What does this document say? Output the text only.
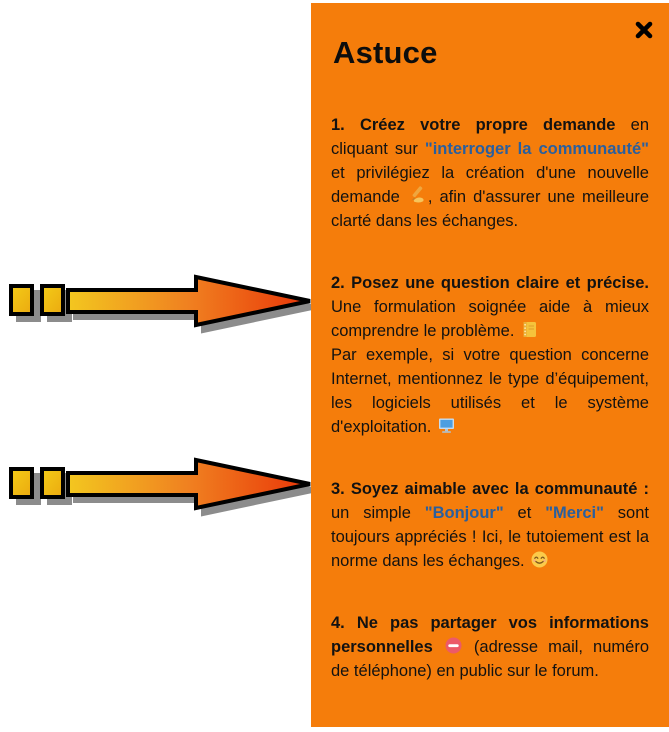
Astuce

1. Créez votre propre demande en cliquant sur "interroger la communauté" et privilégiez la création d'une nouvelle demande
, afin d'assurer une meilleure clarté dans les échanges.

2. Posez une question claire et précise. Une formulation soignée aide à mieux comprendre le problème.

Par exemple, si votre question concerne Internet, mentionnez le type d’équipement, les logiciels utilisés et le système d'exploitation.

3. Soyez aimable avec la communauté : un simple "Bonjour" et "Merci" sont toujours appréciés ! Ici, le tutoiement est la norme dans les échanges.

4. Ne pas partager vos informations personnelles
(adresse mail, numéro de téléphone) en public sur le forum.
